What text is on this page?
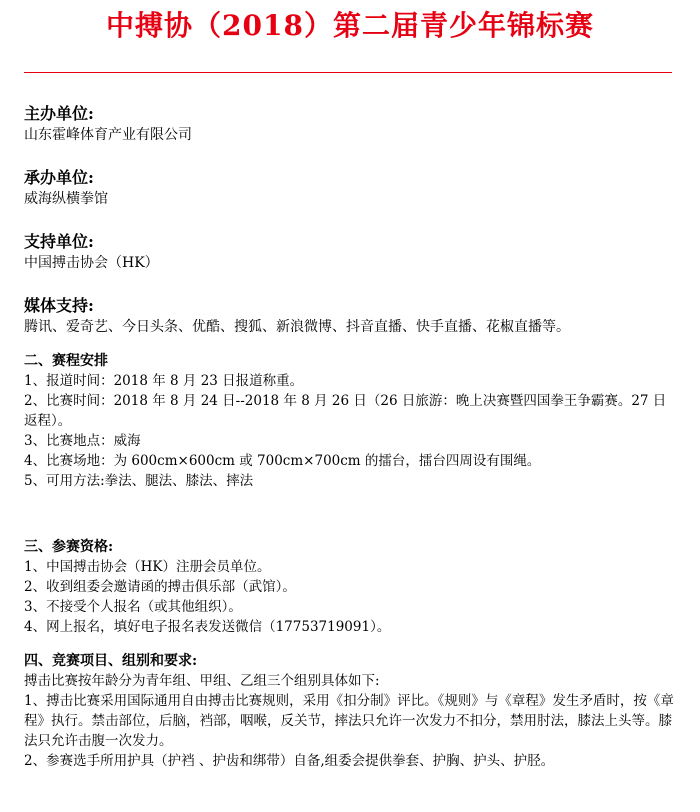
中搏协（2018）第二届青少年锦标赛
主办单位:
山东霍峰体育产业有限公司
承办单位:
威海纵横拳馆
支持单位:
中国搏击协会（HK）
媒体支持:
腾讯、爱奇艺、今日头条、优酷、搜狐、新浪微博、抖音直播、快手直播、花椒直播等。
二、赛程安排
1、报道时间：2018 年 8 月 23 日报道称重。
2、比赛时间：2018 年 8 月 24 日--2018 年 8 月 26 日（26 日旅游：晚上决赛暨四国拳王争霸赛。27 日返程）。
3、比赛地点：威海
4、比赛场地：为 600cm×600cm 或 700cm×700cm 的擂台，擂台四周设有围绳。
5、可用方法:拳法、腿法、膝法、摔法
三、参赛资格:
1、中国搏击协会（HK）注册会员单位。
2、收到组委会邀请函的搏击俱乐部（武馆）。
3、不接受个人报名（或其他组织）。
4、网上报名，填好电子报名表发送微信（17753719091）。
四、竞赛项目、组别和要求:
搏击比赛按年龄分为青年组、甲组、乙组三个组别具体如下:
1、搏击比赛采用国际通用自由搏击比赛规则，采用《扣分制》评比。《规则》与《章程》发生矛盾时，按《章程》执行。禁击部位，后脑，裆部，咽喉，反关节，摔法只允许一次发力不扣分，禁用肘法，膝法上头等。膝法只允许击腹一次发力。
2、参赛选手所用护具（护裆 、护齿和绑带）自备,组委会提供拳套、护胸、护头、护胫。
